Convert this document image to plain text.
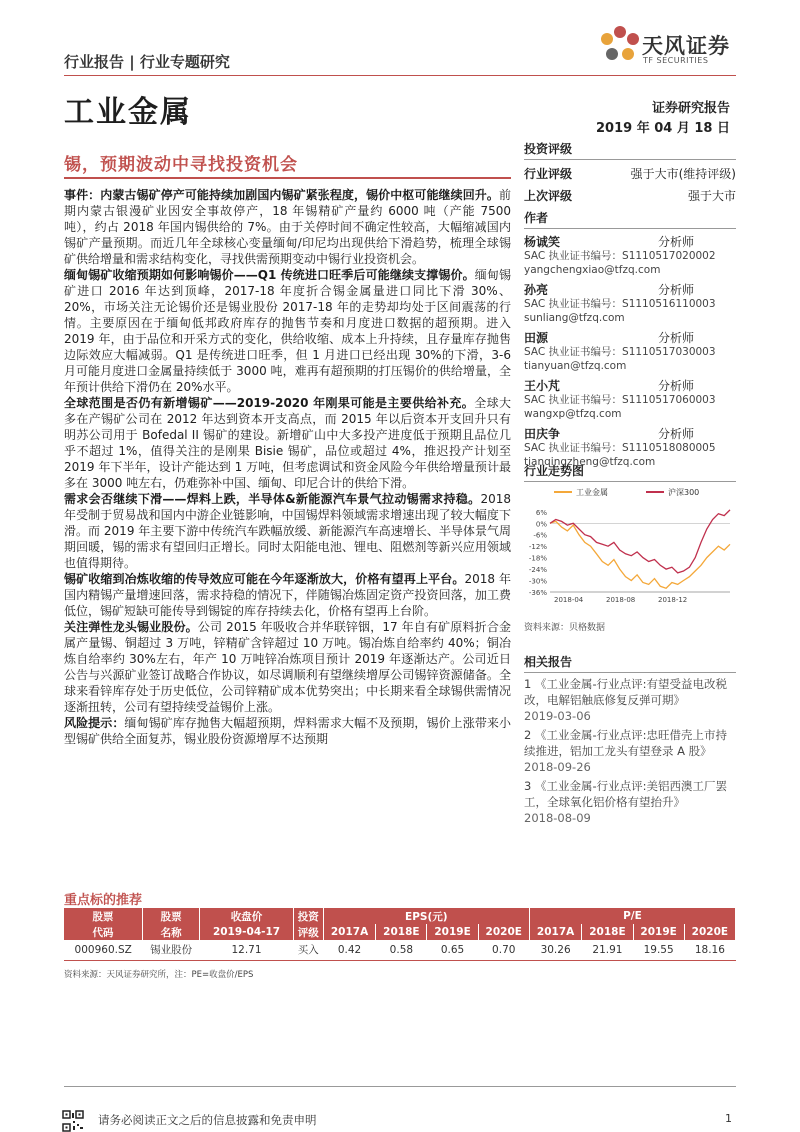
行业报告 | 行业专题研究
天风证券
TF SECURITIES
工业金属	证券研究报告
2019 年 04 月 18 日
锡，预期波动中寻找投资机会

事件：内蒙古锡矿停产可能持续加剧国内锡矿紧张程度，锡价中枢可能继续回升。前期内蒙古银漫矿业因安全事故停产，18 年锡精矿产量约 6000 吨（产能 7500 吨），约占 2018 年国内锡供给的 7%。由于关停时间不确定性较高，大幅缩减国内锡矿产量预期。而近几年全球核心变量缅甸/印尼均出现供给下滑趋势，梳理全球锡矿供给增量和需求结构变化，寻找供需预期变动中锡行业投资机会。

缅甸锡矿收缩预期如何影响锡价——Q1 传统进口旺季后可能继续支撑锡价。缅甸锡矿进口 2016 年达到顶峰，2017-18 年度折合锡金属量进口同比下滑 30%、20%，市场关注无论锡价还是锡业股份 2017-18 年的走势却均处于区间震荡的行情。主要原因在于缅甸低邦政府库存的抛售节奏和月度进口数据的超预期。进入 2019 年，由于品位和开采方式的变化，供给收缩、成本上升持续，且存量库存抛售边际效应大幅减弱。Q1 是传统进口旺季，但 1 月进口已经出现 30%的下滑，3-6 月可能月度进口金属量持续低于 3000 吨，难再有超预期的打压锡价的供给增量，全年预计供给下滑仍在 20%水平。

全球范围是否仍有新增锡矿——2019-2020 年刚果可能是主要供给补充。全球大多在产锡矿公司在 2012 年达到资本开支高点，而 2015 年以后资本开支回升只有明苏公司用于 Bofedal II 锡矿的建设。新增矿山中大多投产进度低于预期且品位几乎不超过 1%，值得关注的是刚果 Bisie 锡矿，品位或超过 4%，推迟投产计划至 2019 年下半年，设计产能达到 1 万吨，但考虑调试和资金风险今年供给增量预计最多在 3000 吨左右，仍难弥补中国、缅甸、印尼合计的供给下滑。

需求会否继续下滑——焊料上跌，半导体&新能源汽车景气拉动锡需求持稳。2018 年受制于贸易战和国内中游企业链影响，中国锡焊料领域需求增速出现了较大幅度下滑。而 2019 年主要下游中传统汽车跌幅放缓、新能源汽车高速增长、半导体景气周期回暖，锡的需求有望回归正增长。同时太阳能电池、锂电、阻燃剂等新兴应用领域也值得期待。

锡矿收缩到冶炼收缩的传导效应可能在今年逐渐放大，价格有望再上平台。2018 年国内精锡产量增速回落，需求持稳的情况下，伴随锡冶炼固定资产投资回落，加工费低位，锡矿短缺可能传导到锡锭的库存持续去化，价格有望再上台阶。

关注弹性龙头锡业股份。公司 2015 年吸收合并华联锌铟，17 年自有矿原料折合金属产量锡、铜超过 3 万吨，锌精矿含锌超过 10 万吨。锡冶炼自给率约 40%；铜冶炼自给率约 30%左右，年产 10 万吨锌冶炼项目预计 2019 年逐渐达产。公司近日公告与兴源矿业签订战略合作协议，如尽调顺利有望继续增厚公司锡锌资源储备。全球来看锌库存处于历史低位，公司锌精矿成本优势突出；中长期来看全球锡供需情况逐渐扭转，公司有望持续受益锡价上涨。

风险提示：缅甸锡矿库存抛售大幅超预期，焊料需求大幅不及预期，锡价上涨带来小型锡矿供给全面复苏，锡业股份资源增厚不达预期

投资评级
行业评级	强于大市(维持评级)
上次评级	强于大市
作者
杨诚笑	分析师
SAC 执业证书编号：S1110517020002
yangchengxiao@tfzq.com
孙亮	分析师
SAC 执业证书编号：S1110516110003
sunliang@tfzq.com
田源	分析师
SAC 执业证书编号：S1110517030003
tianyuan@tfzq.com
王小芃	分析师
SAC 执业证书编号：S1110517060003
wangxp@tfzq.com
田庆争	分析师
SAC 执业证书编号：S1110518080005
tianqingzheng@tfzq.com
行业走势图
工业金属	沪深300
6%
0%
-6%
-12%
-18%
-24%
-30%
-36%
2018-04	2018-08	2018-12
资料来源：贝格数据
相关报告
1 《工业金属-行业点评:有望受益电改税改，电解铝触底修复反弹可期》
2019-03-06
2 《工业金属-行业点评:忠旺借壳上市持续推进，铝加工龙头有望登录 A 股》
2018-09-26
3 《工业金属-行业点评:美铝西澳工厂罢工，全球氧化铝价格有望抬升》
2018-08-09
重点标的推荐
股票	股票	收盘价	投资	EPS(元)				P/E			
代码	名称	2019-04-17	评级	2017A	2018E	2019E	2020E	2017A	2018E	2019E	2020E
000960.SZ	锡业股份	12.71	买入	0.42	0.58	0.65	0.70	30.26	21.91	19.55	18.16
资料来源：天风证券研究所，注：PE=收盘价/EPS
请务必阅读正文之后的信息披露和免责申明	1
